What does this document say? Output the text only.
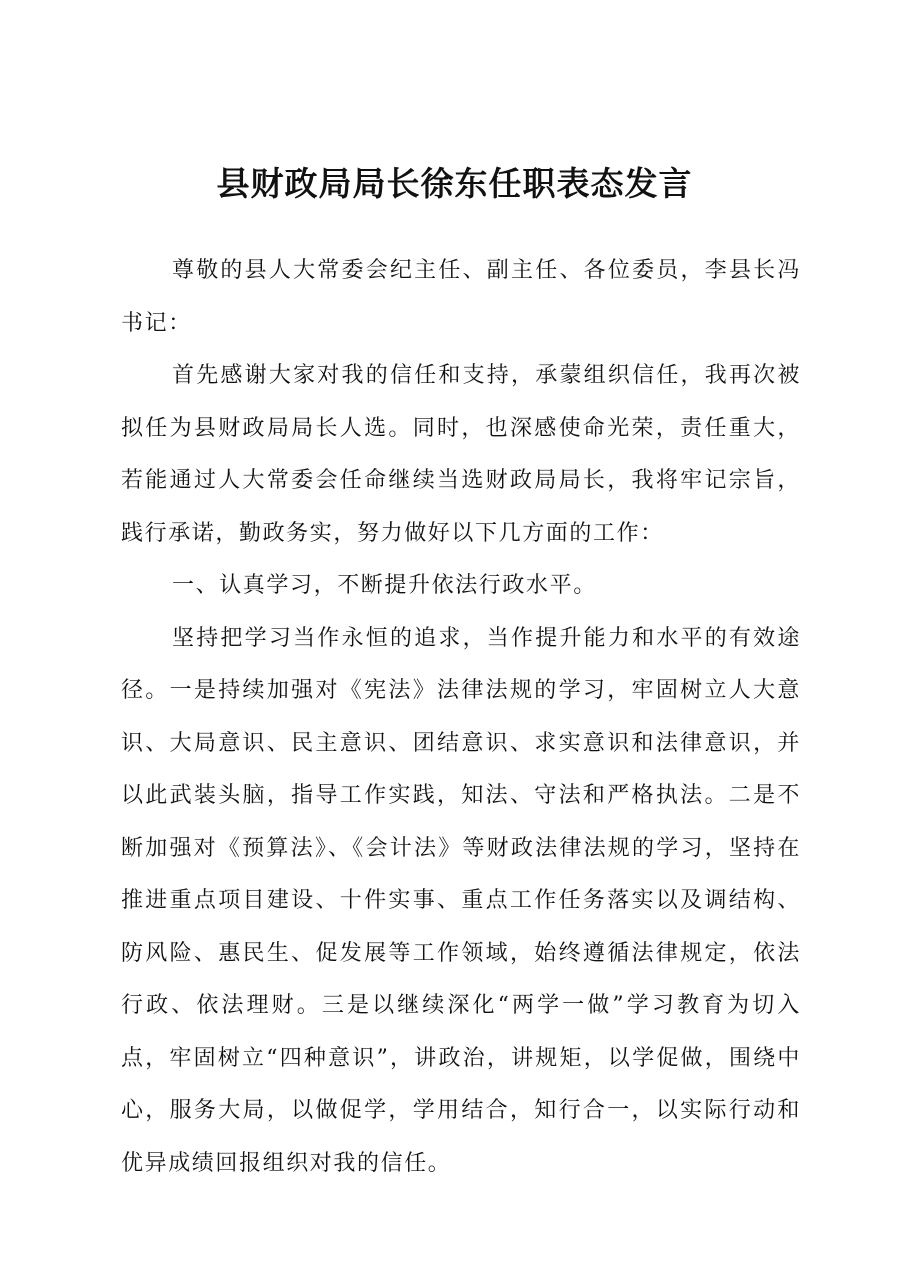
县财政局局长徐东任职表态发言

尊敬的县人大常委会纪主任、副主任、各位委员，李县长冯书记：

首先感谢大家对我的信任和支持，承蒙组织信任，我再次被拟任为县财政局局长人选。同时，也深感使命光荣，责任重大，若能通过人大常委会任命继续当选财政局局长，我将牢记宗旨，践行承诺，勤政务实，努力做好以下几方面的工作：

一、认真学习，不断提升依法行政水平。

坚持把学习当作永恒的追求，当作提升能力和水平的有效途径。一是持续加强对《宪法》法律法规的学习，牢固树立人大意识、大局意识、民主意识、团结意识、求实意识和法律意识，并以此武装头脑，指导工作实践，知法、守法和严格执法。二是不断加强对《预算法》、《会计法》等财政法律法规的学习，坚持在推进重点项目建设、十件实事、重点工作任务落实以及调结构、防风险、惠民生、促发展等工作领域，始终遵循法律规定，依法行政、依法理财。三是以继续深化“两学一做”学习教育为切入点，牢固树立“四种意识”，讲政治，讲规矩，以学促做，围绕中心，服务大局，以做促学，学用结合，知行合一，以实际行动和优异成绩回报组织对我的信任。
